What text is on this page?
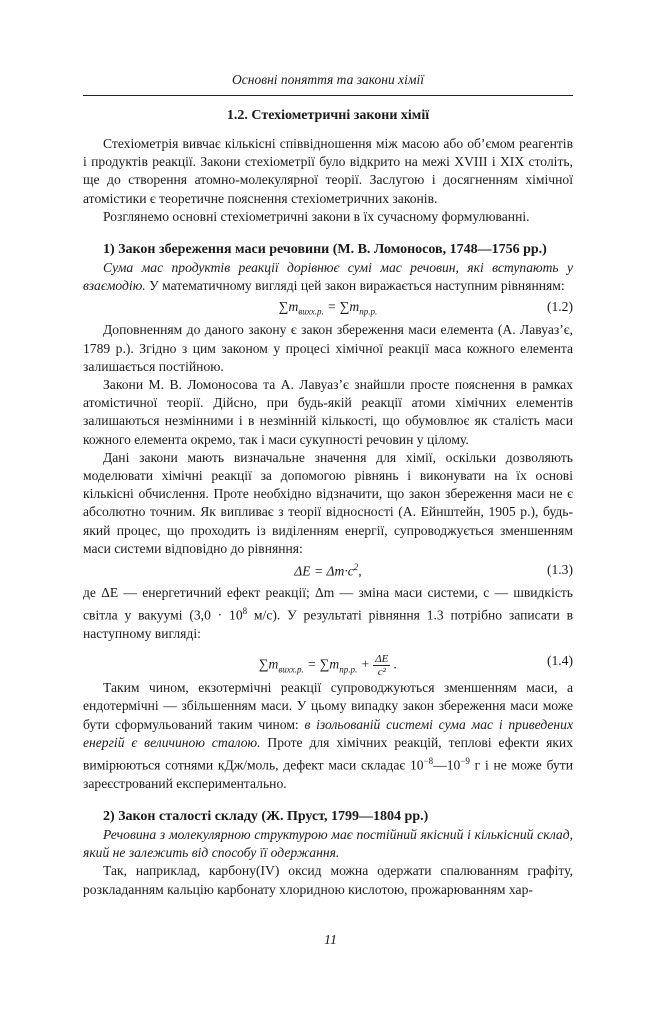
Основні поняття та закони хімії
1.2. Стехіометричні закони хімії

Стехіометрія вивчає кількісні співвідношення між масою або об’ємом реагентів і продуктів реакції. Закони стехіометрії було відкрито на межі XVIII і XIX століть, ще до створення атомно-молекулярної теорії. Заслугою і досягненням хімічної атомістики є теоретичне пояснення стехіометричних законів.

Розглянемо основні стехіометричні закони в їх сучасному формулюванні.

1) Закон збереження маси речовини (М. В. Ломоносов, 1748—1756 рр.)

Сума мас продуктів реакції дорівнює сумі мас речовин, які вступають у взаємодію. У математичному вигляді цей закон виражається наступним рівнянням:

$\sum m_{вихх.р.} = \sum m_{пр.р.}$	(1.2)

Доповненням до даного закону є закон збереження маси елемента (А. Лавуаз’є, 1789 р.). Згідно з цим законом у процесі хімічної реакції маса кожного елемента залишається постійною.

Закони М. В. Ломоносова та А. Лавуаз’є знайшли просте пояснення в рамках атомістичної теорії. Дійсно, при будь-якій реакції атоми хімічних елементів залишаються незмінними і в незмінній кількості, що обумовлює як сталість маси кожного елемента окремо, так і маси сукупності речовин у цілому.

Дані закони мають визначальне значення для хімії, оскільки дозволяють моделювати хімічні реакції за допомогою рівнянь і виконувати на їх основі кількісні обчислення. Проте необхідно відзначити, що закон збереження маси не є абсолютно точним. Як випливає з теорії відносності (А. Ейнштейн, 1905 р.), будь-який процес, що проходить із виділенням енергії, супроводжується зменшенням маси системи відповідно до рівняння:

$\Delta E = \Delta m\cdot c^2$,	(1.3)

де ΔE — енергетичний ефект реакції; Δm — зміна маси системи, c — швидкість світла у вакуумі ($3,0 \cdot 10^8$ м/с). У результаті рівняння 1.3 потрібно записати в наступному вигляді:

$\sum m_{вихх.р.} = \sum m_{пр.р.} + \frac{\Delta E}{\text{c²}}$ .	(1.4)

Таким чином, екзотермічні реакції супроводжуються зменшенням маси, а ендотермічні — збільшенням маси. У цьому випадку закон збереження маси може бути сформульований таким чином: в ізольованій системі сума мас і приведених енергій є величиною сталою. Проте для хімічних реакцій, теплові ефекти яких вимірюються сотнями кДж/моль, дефект маси складає $10^{-8}—10^{-9}$ г і не може бути зареєстрований експериментально.

2) Закон сталості складу (Ж. Пруст, 1799—1804 рр.)

Речовина з молекулярною структурою має постійний якісний і кількісний склад, який не залежить від способу її одержання.

Так, наприклад, карбону(IV) оксид можна одержати спалюванням графіту, розкладанням кальцію карбонату хлоридною кислотою, прожарюванням хар-

11
